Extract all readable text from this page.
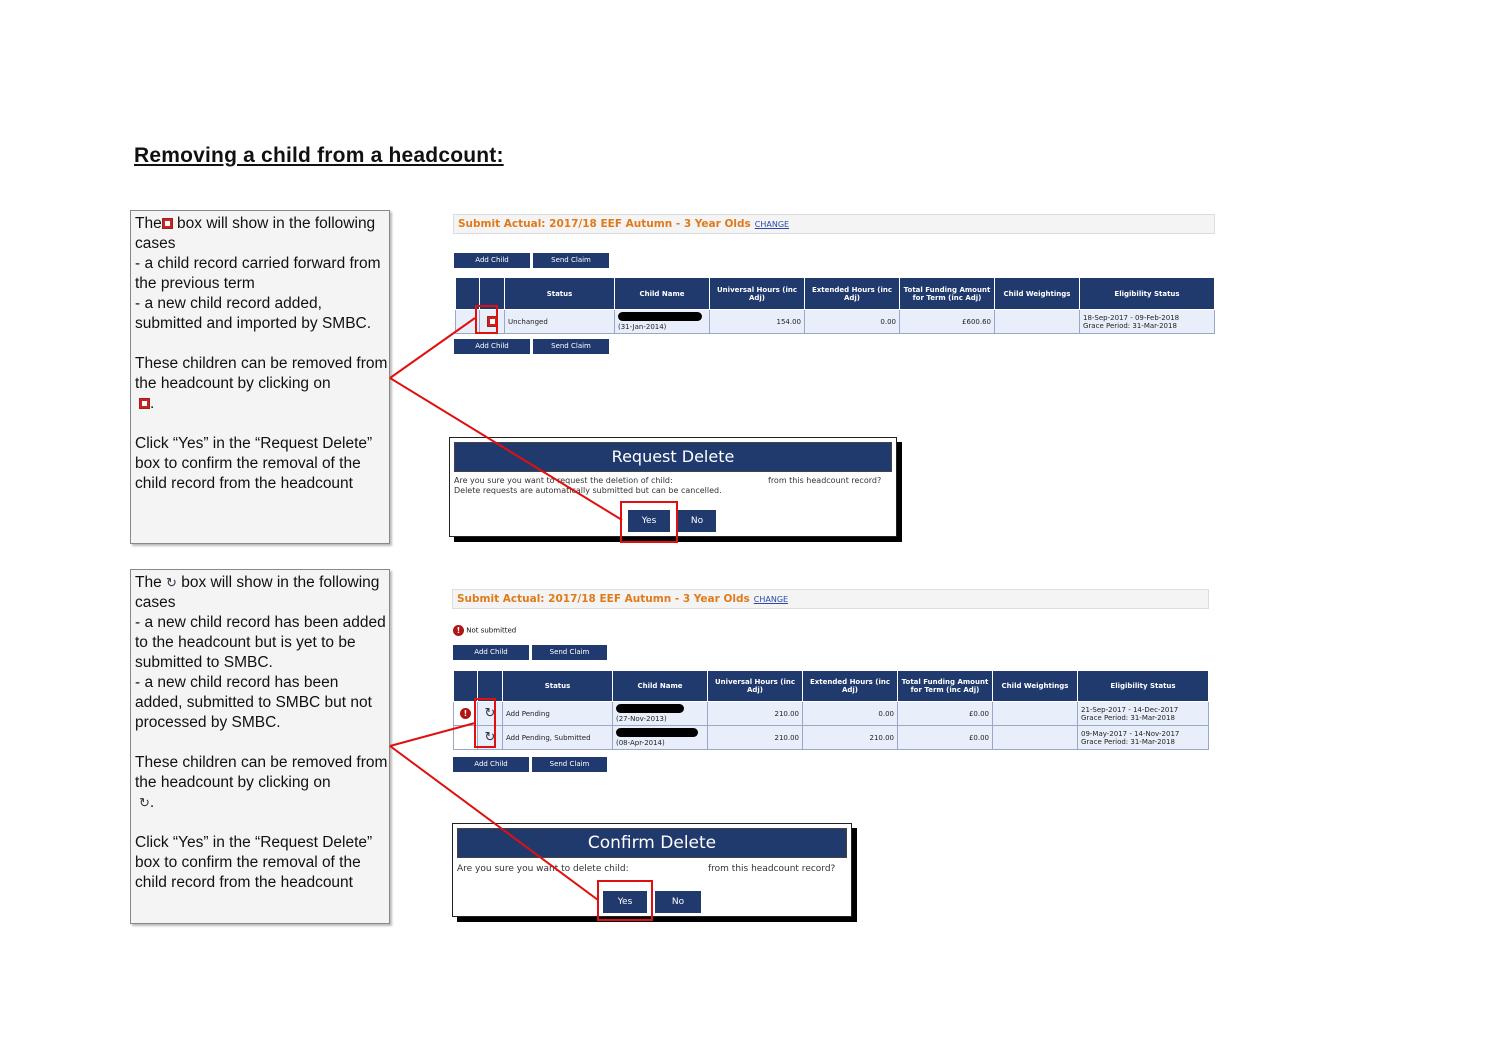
Removing a child from a headcount:

The box will show in the following cases

- a child record carried forward from the previous term

- a new child record added, submitted and imported by SMBC.

These children can be removed from the headcount by clicking on
.

Click “Yes” in the “Request Delete” box to confirm the removal of the child record from the headcount

The ↻ box will show in the following cases

- a new child record has been added to the headcount but is yet to be submitted to SMBC.

- a new child record has been added, submitted to SMBC but not processed by SMBC.

These children can be removed from the headcount by clicking on
↻.

Click “Yes” in the “Request Delete” box to confirm the removal of the child record from the headcount

Submit Actual: 2017/18 EEF Autumn - 3 Year Olds CHANGE
Add Child	Send Claim
		Status	Child Name	Universal Hours (inc Adj)	Extended Hours (inc Adj)	Total Funding Amount for Term (inc Adj)	Child Weightings	Eligibility Status
		Unchanged	(31-Jan-2014)	154.00	0.00	£600.60		18-Sep-2017 - 09-Feb-2018
Grace Period: 31-Mar-2018
Add Child	Send Claim
Request Delete
Are you sure you want to request the deletion of child:	from this headcount record?
Delete requests are automatically submitted but can be cancelled.
Yes	No
Submit Actual: 2017/18 EEF Autumn - 3 Year Olds CHANGE
! Not submitted
Add Child	Send Claim
		Status	Child Name	Universal Hours (inc Adj)	Extended Hours (inc Adj)	Total Funding Amount for Term (inc Adj)	Child Weightings	Eligibility Status
!	↻	Add Pending	(27-Nov-2013)	210.00	0.00	£0.00		21-Sep-2017 - 14-Dec-2017
Grace Period: 31-Mar-2018
	↻	Add Pending, Submitted	(08-Apr-2014)	210.00	210.00	£0.00		09-May-2017 - 14-Nov-2017
Grace Period: 31-Mar-2018
Add Child	Send Claim
Confirm Delete
Are you sure you want to delete child:	from this headcount record?
Yes	No
